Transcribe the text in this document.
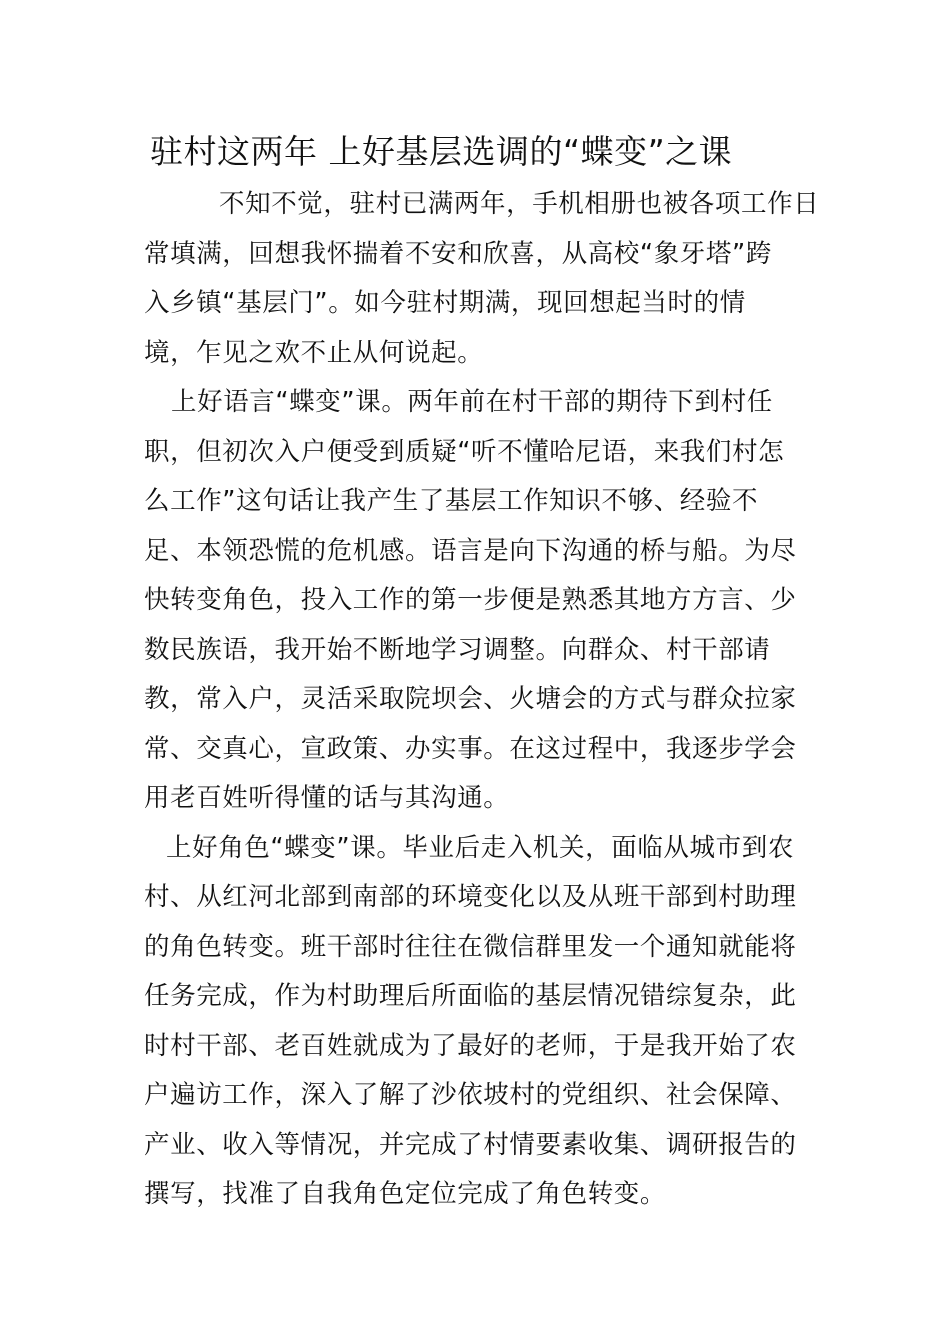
驻村这两年 上好基层选调的“蝶变”之课
不知不觉，驻村已满两年，手机相册也被各项工作日
常填满，回想我怀揣着不安和欣喜，从高校“象牙塔”跨
入乡镇“基层门”。如今驻村期满，现回想起当时的情
境，乍见之欢不止从何说起。
上好语言“蝶变”课。两年前在村干部的期待下到村任
职，但初次入户便受到质疑“听不懂哈尼语，来我们村怎
么工作”这句话让我产生了基层工作知识不够、经验不
足、本领恐慌的危机感。语言是向下沟通的桥与船。为尽
快转变角色，投入工作的第一步便是熟悉其地方方言、少
数民族语，我开始不断地学习调整。向群众、村干部请
教，常入户，灵活采取院坝会、火塘会的方式与群众拉家
常、交真心，宣政策、办实事。在这过程中，我逐步学会
用老百姓听得懂的话与其沟通。
上好角色“蝶变”课。毕业后走入机关，面临从城市到农
村、从红河北部到南部的环境变化以及从班干部到村助理
的角色转变。班干部时往往在微信群里发一个通知就能将
任务完成，作为村助理后所面临的基层情况错综复杂，此
时村干部、老百姓就成为了最好的老师，于是我开始了农
户遍访工作，深入了解了沙依坡村的党组织、社会保障、
产业、收入等情况，并完成了村情要素收集、调研报告的
撰写，找准了自我角色定位完成了角色转变。
